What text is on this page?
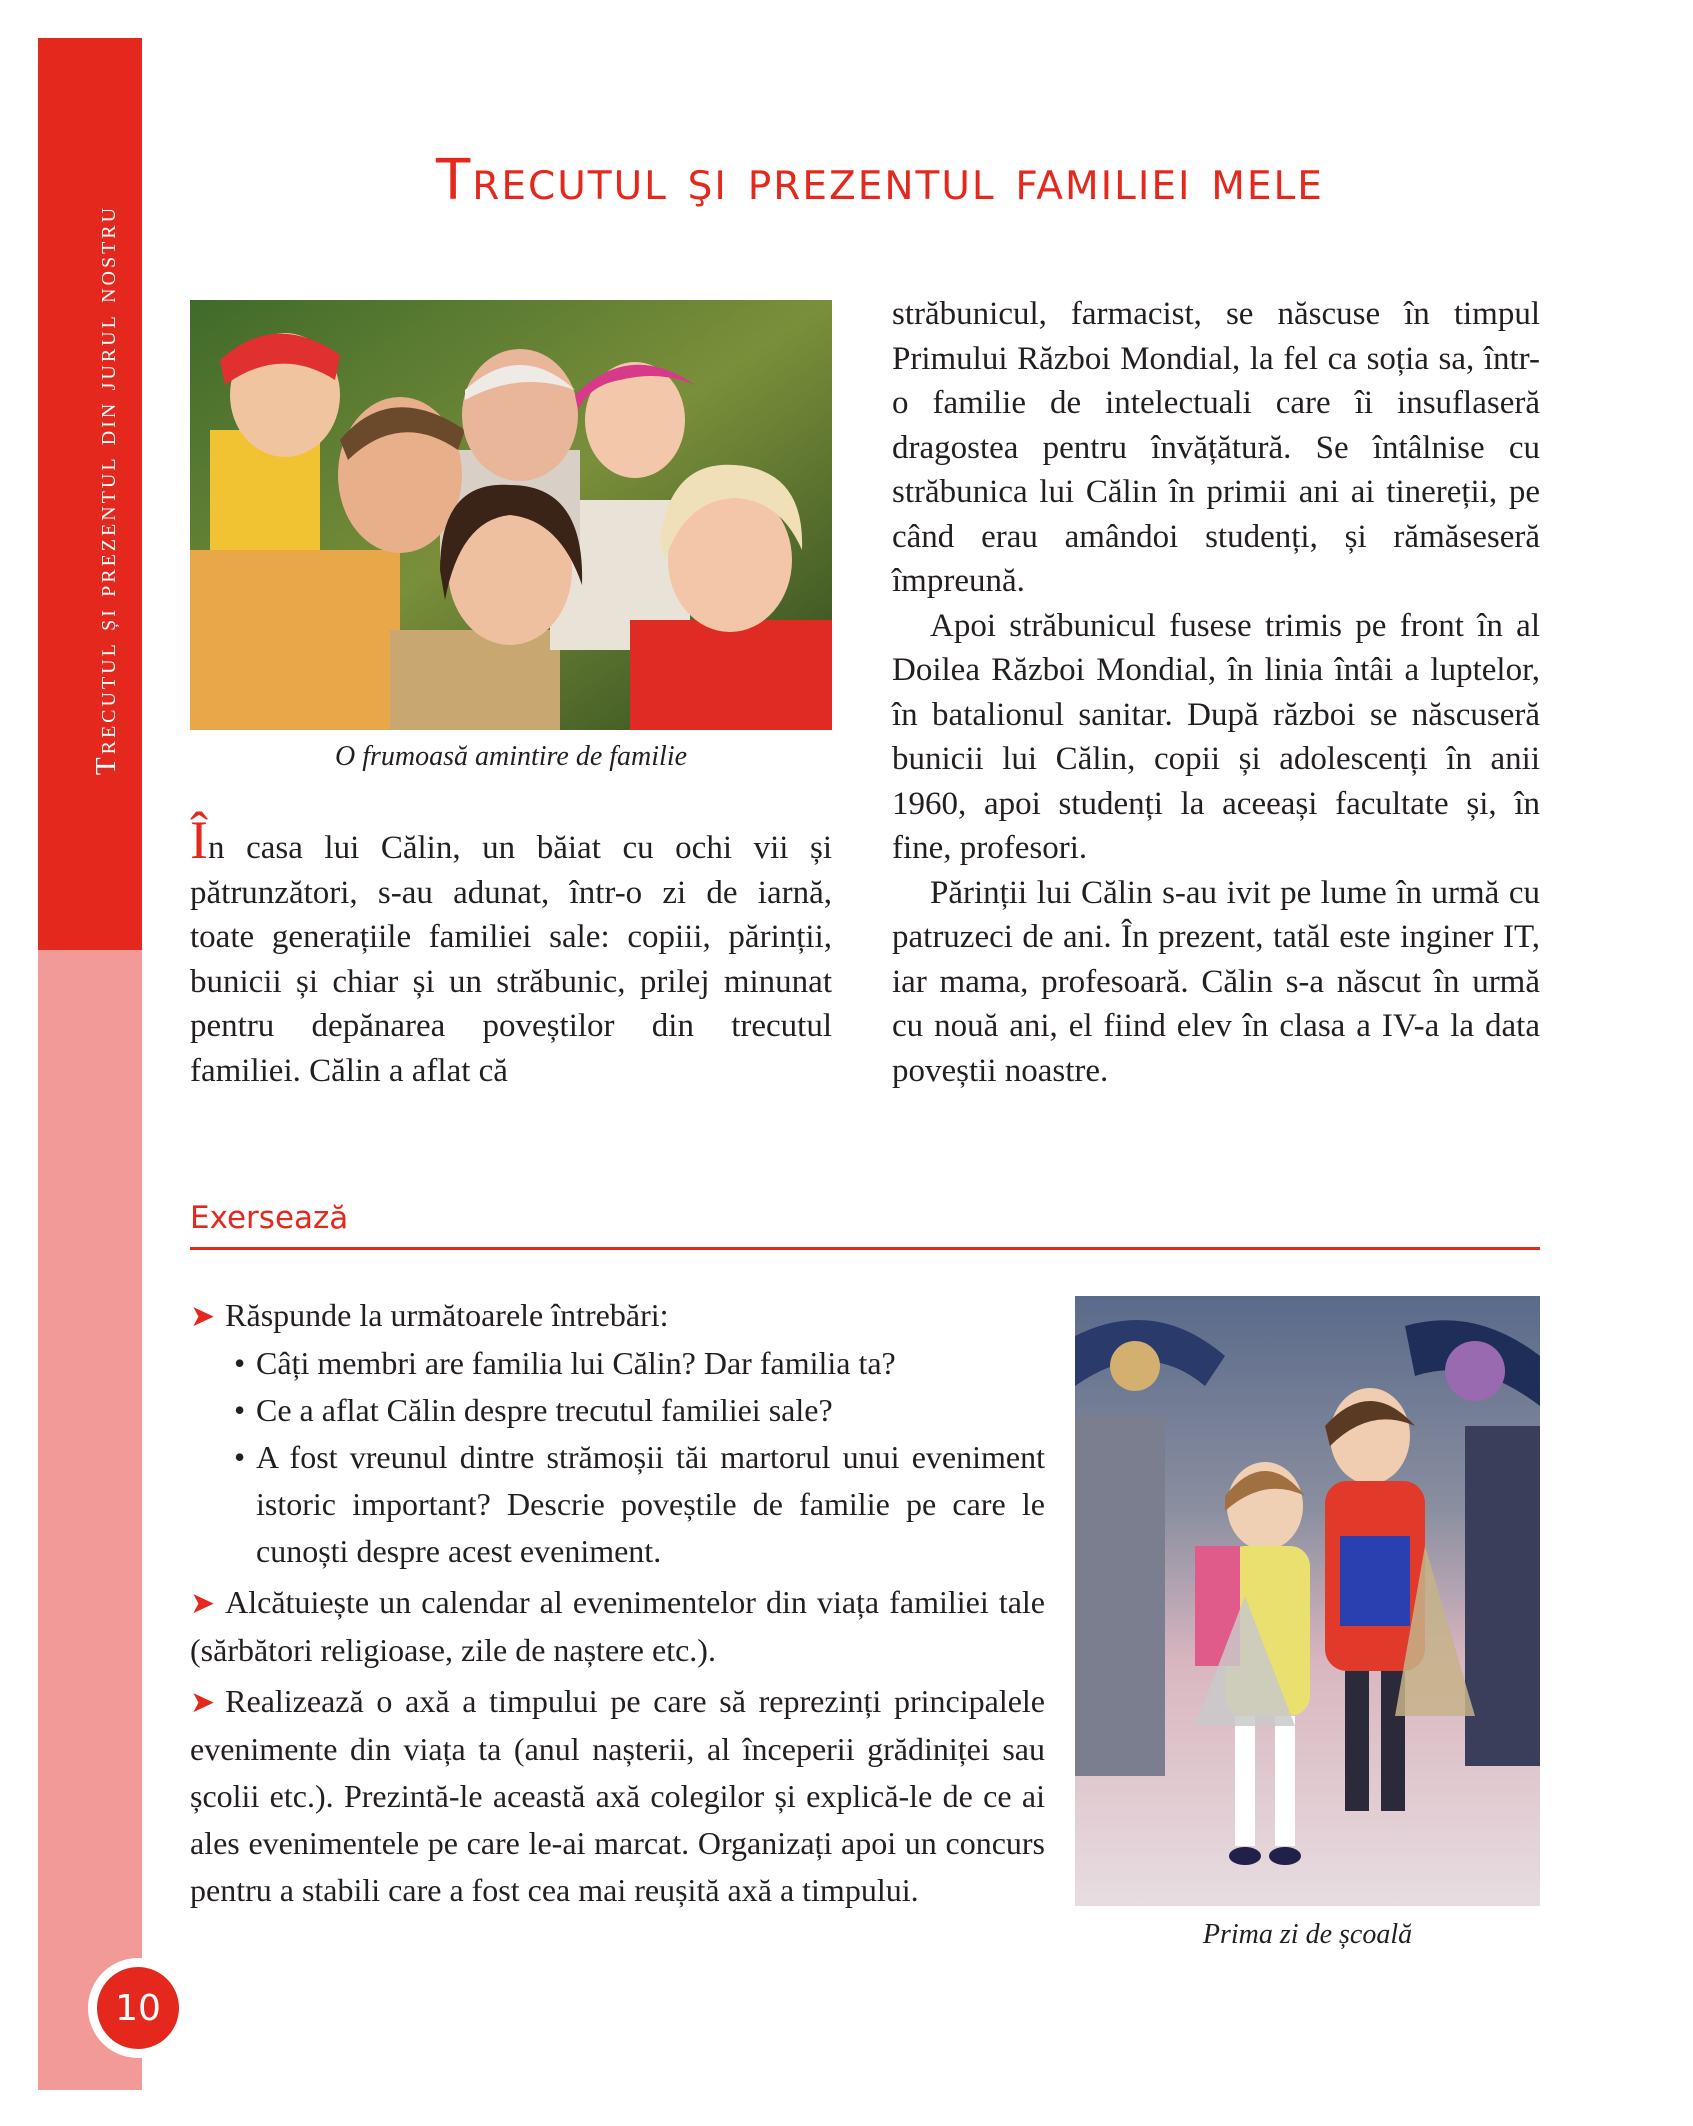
Trecutul și prezentul din jurul nostru
10
Trecutul şi prezentul familiei mele
O frumoasă amintire de familie

În casa lui Călin, un băiat cu ochi vii și pătrunzători, s-au adunat, într-o zi de iarnă, toate generațiile familiei sale: copiii, părinții, bunicii și chiar și un străbunic, prilej minunat pentru depănarea poveștilor din trecutul familiei. Călin a aflat că

străbunicul, farmacist, se născuse în timpul Primului Război Mondial, la fel ca soția sa, într-o familie de intelectuali care îi insuflaseră dragostea pentru învățătură. Se întâlnise cu străbunica lui Călin în primii ani ai tinereții, pe când erau amândoi studenți, și rămăseseră împreună.

Apoi străbunicul fusese trimis pe front în al Doilea Război Mondial, în linia întâi a luptelor, în batalionul sanitar. După război se născuseră bunicii lui Călin, copii și adolescenți în anii 1960, apoi studenți la aceeași facultate și, în fine, profesori.

Părinții lui Călin s-au ivit pe lume în urmă cu patruzeci de ani. În prezent, tatăl este inginer IT, iar mama, profesoară. Călin s-a născut în urmă cu nouă ani, el fiind elev în clasa a IV-a la data poveștii noastre.

Exersează
➤ Răspunde la următoarele întrebări:
• Câți membri are familia lui Călin? Dar familia ta?
• Ce a aflat Călin despre trecutul familiei sale?
• A fost vreunul dintre strămoșii tăi martorul unui eveniment istoric important? Descrie poveștile de familie pe care le cunoști despre acest eveniment.
➤ Alcătuiește un calendar al evenimentelor din viața familiei tale (sărbători religioase, zile de naștere etc.).
➤ Realizează o axă a timpului pe care să reprezinți principalele evenimente din viața ta (anul nașterii, al începerii grădiniței sau școlii etc.). Prezintă-le această axă colegilor și explică-le de ce ai ales evenimentele pe care le-ai marcat. Organizați apoi un concurs pentru a stabili care a fost cea mai reușită axă a timpului.
Prima zi de școală
